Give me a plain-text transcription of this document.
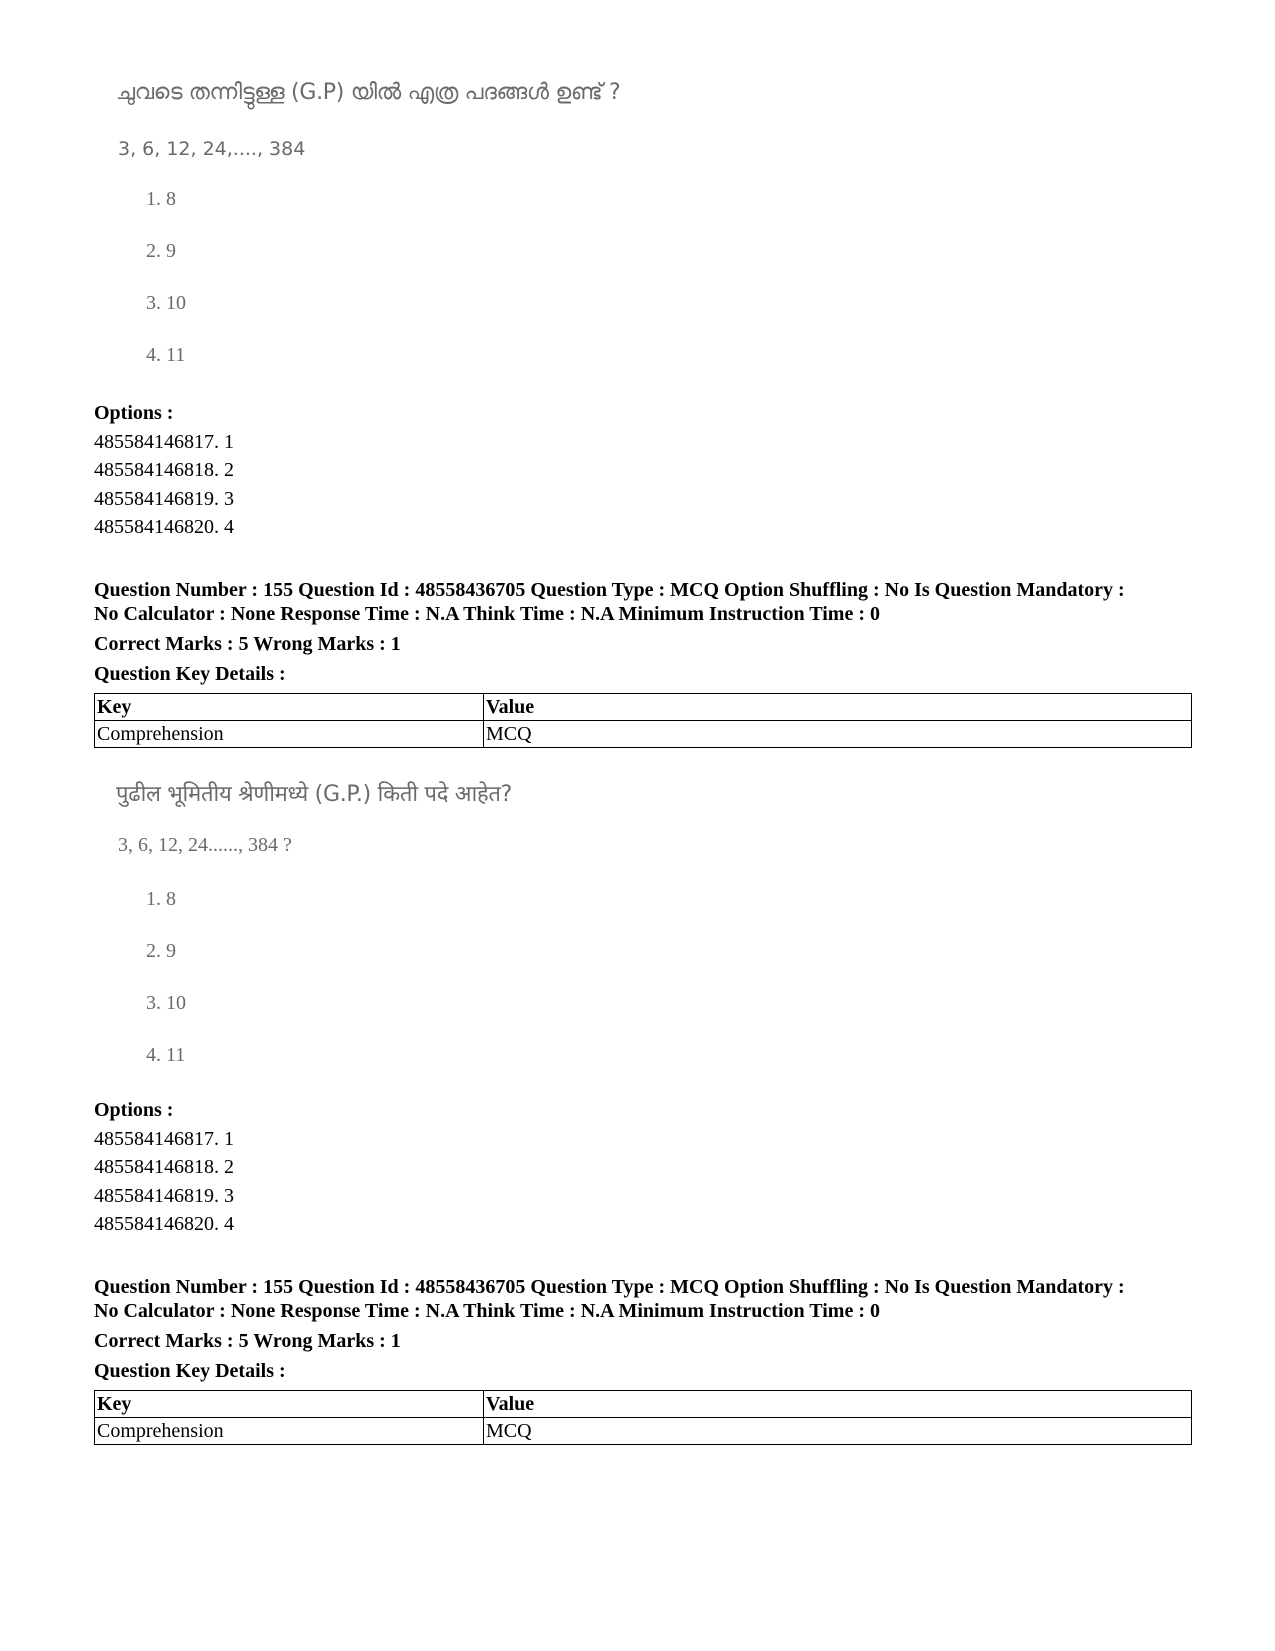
ചുവടെ തന്നിട്ടുള്ള (G.P) യിൽ എത്ര പദങ്ങൾ ഉണ്ട് ?
3, 6, 12, 24,...., 384
1. 8
2. 9
3. 10
4. 11
Options :
485584146817. 1
485584146818. 2
485584146819. 3
485584146820. 4
Question Number : 155 Question Id : 48558436705 Question Type : MCQ Option Shuffling : No Is Question Mandatory :
No Calculator : None Response Time : N.A Think Time : N.A Minimum Instruction Time : 0
Correct Marks : 5 Wrong Marks : 1
Question Key Details :
Key	Value
Comprehension	MCQ
पुढील भूमितीय श्रेणीमध्ये (G.P.) किती पदे आहेत?
3, 6, 12, 24......, 384 ?
1. 8
2. 9
3. 10
4. 11
Options :
485584146817. 1
485584146818. 2
485584146819. 3
485584146820. 4
Question Number : 155 Question Id : 48558436705 Question Type : MCQ Option Shuffling : No Is Question Mandatory :
No Calculator : None Response Time : N.A Think Time : N.A Minimum Instruction Time : 0
Correct Marks : 5 Wrong Marks : 1
Question Key Details :
Key	Value
Comprehension	MCQ
